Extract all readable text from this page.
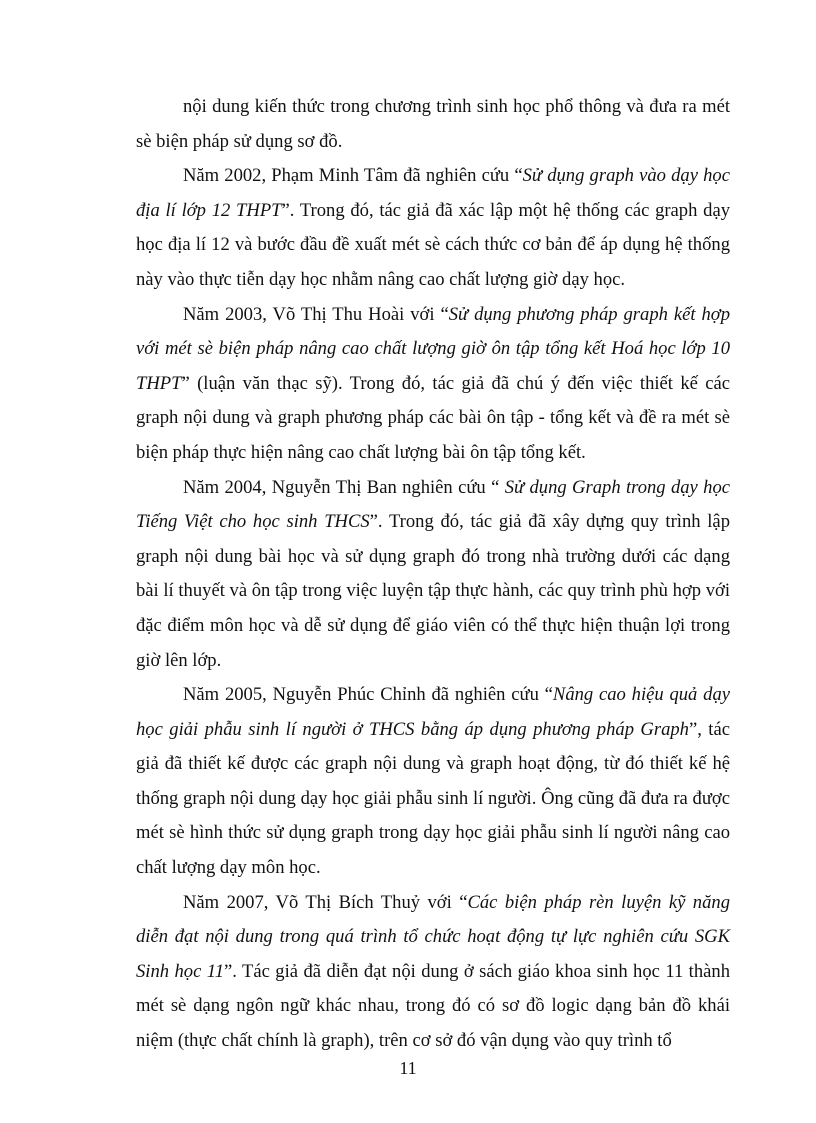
nội dung kiến thức trong chương trình sinh học phổ thông và đưa ra mét sè biện pháp sử dụng sơ đồ.

Năm 2002, Phạm Minh Tâm đã nghiên cứu “Sử dụng graph vào dạy học địa lí lớp 12 THPT”. Trong đó, tác giả đã xác lập một hệ thống các graph dạy học địa lí 12 và bước đầu đề xuất mét sè cách thức cơ bản để áp dụng hệ thống này vào thực tiễn dạy học nhằm nâng cao chất lượng giờ dạy học.

Năm 2003, Võ Thị Thu Hoài với “Sử dụng phương pháp graph kết hợp với mét sè biện pháp nâng cao chất lượng giờ ôn tập tổng kết Hoá học lớp 10 THPT” (luận văn thạc sỹ). Trong đó, tác giả đã chú ý đến việc thiết kế các graph nội dung và graph phương pháp các bài ôn tập - tổng kết và đề ra mét sè biện pháp thực hiện nâng cao chất lượng bài ôn tập tổng kết.

Năm 2004, Nguyễn Thị Ban nghiên cứu “ Sử dụng Graph trong dạy học Tiếng Việt cho học sinh THCS”. Trong đó, tác giả đã xây dựng quy trình lập graph nội dung bài học và sử dụng graph đó trong nhà trường dưới các dạng bài lí thuyết và ôn tập trong việc luyện tập thực hành, các quy trình phù hợp với đặc điểm môn học và dễ sử dụng để giáo viên có thể thực hiện thuận lợi trong giờ lên lớp.

Năm 2005, Nguyễn Phúc Chỉnh đã nghiên cứu “Nâng cao hiệu quả dạy học giải phẫu sinh lí người ở THCS bằng áp dụng phương pháp Graph”, tác giả đã thiết kế được các graph nội dung và graph hoạt động, từ đó thiết kế hệ thống graph nội dung dạy học giải phẫu sinh lí người. Ông cũng đã đưa ra được mét sè hình thức sử dụng graph trong dạy học giải phẫu sinh lí người nâng cao chất lượng dạy môn học.

Năm 2007, Võ Thị Bích Thuỷ với “Các biện pháp rèn luyện kỹ năng diễn đạt nội dung trong quá trình tổ chức hoạt động tự lực nghiên cứu SGK Sinh học 11”. Tác giả đã diễn đạt nội dung ở sách giáo khoa sinh học 11 thành mét sè dạng ngôn ngữ khác nhau, trong đó có sơ đồ logic dạng bản đồ khái niệm (thực chất chính là graph), trên cơ sở đó vận dụng vào quy trình tổ

11
